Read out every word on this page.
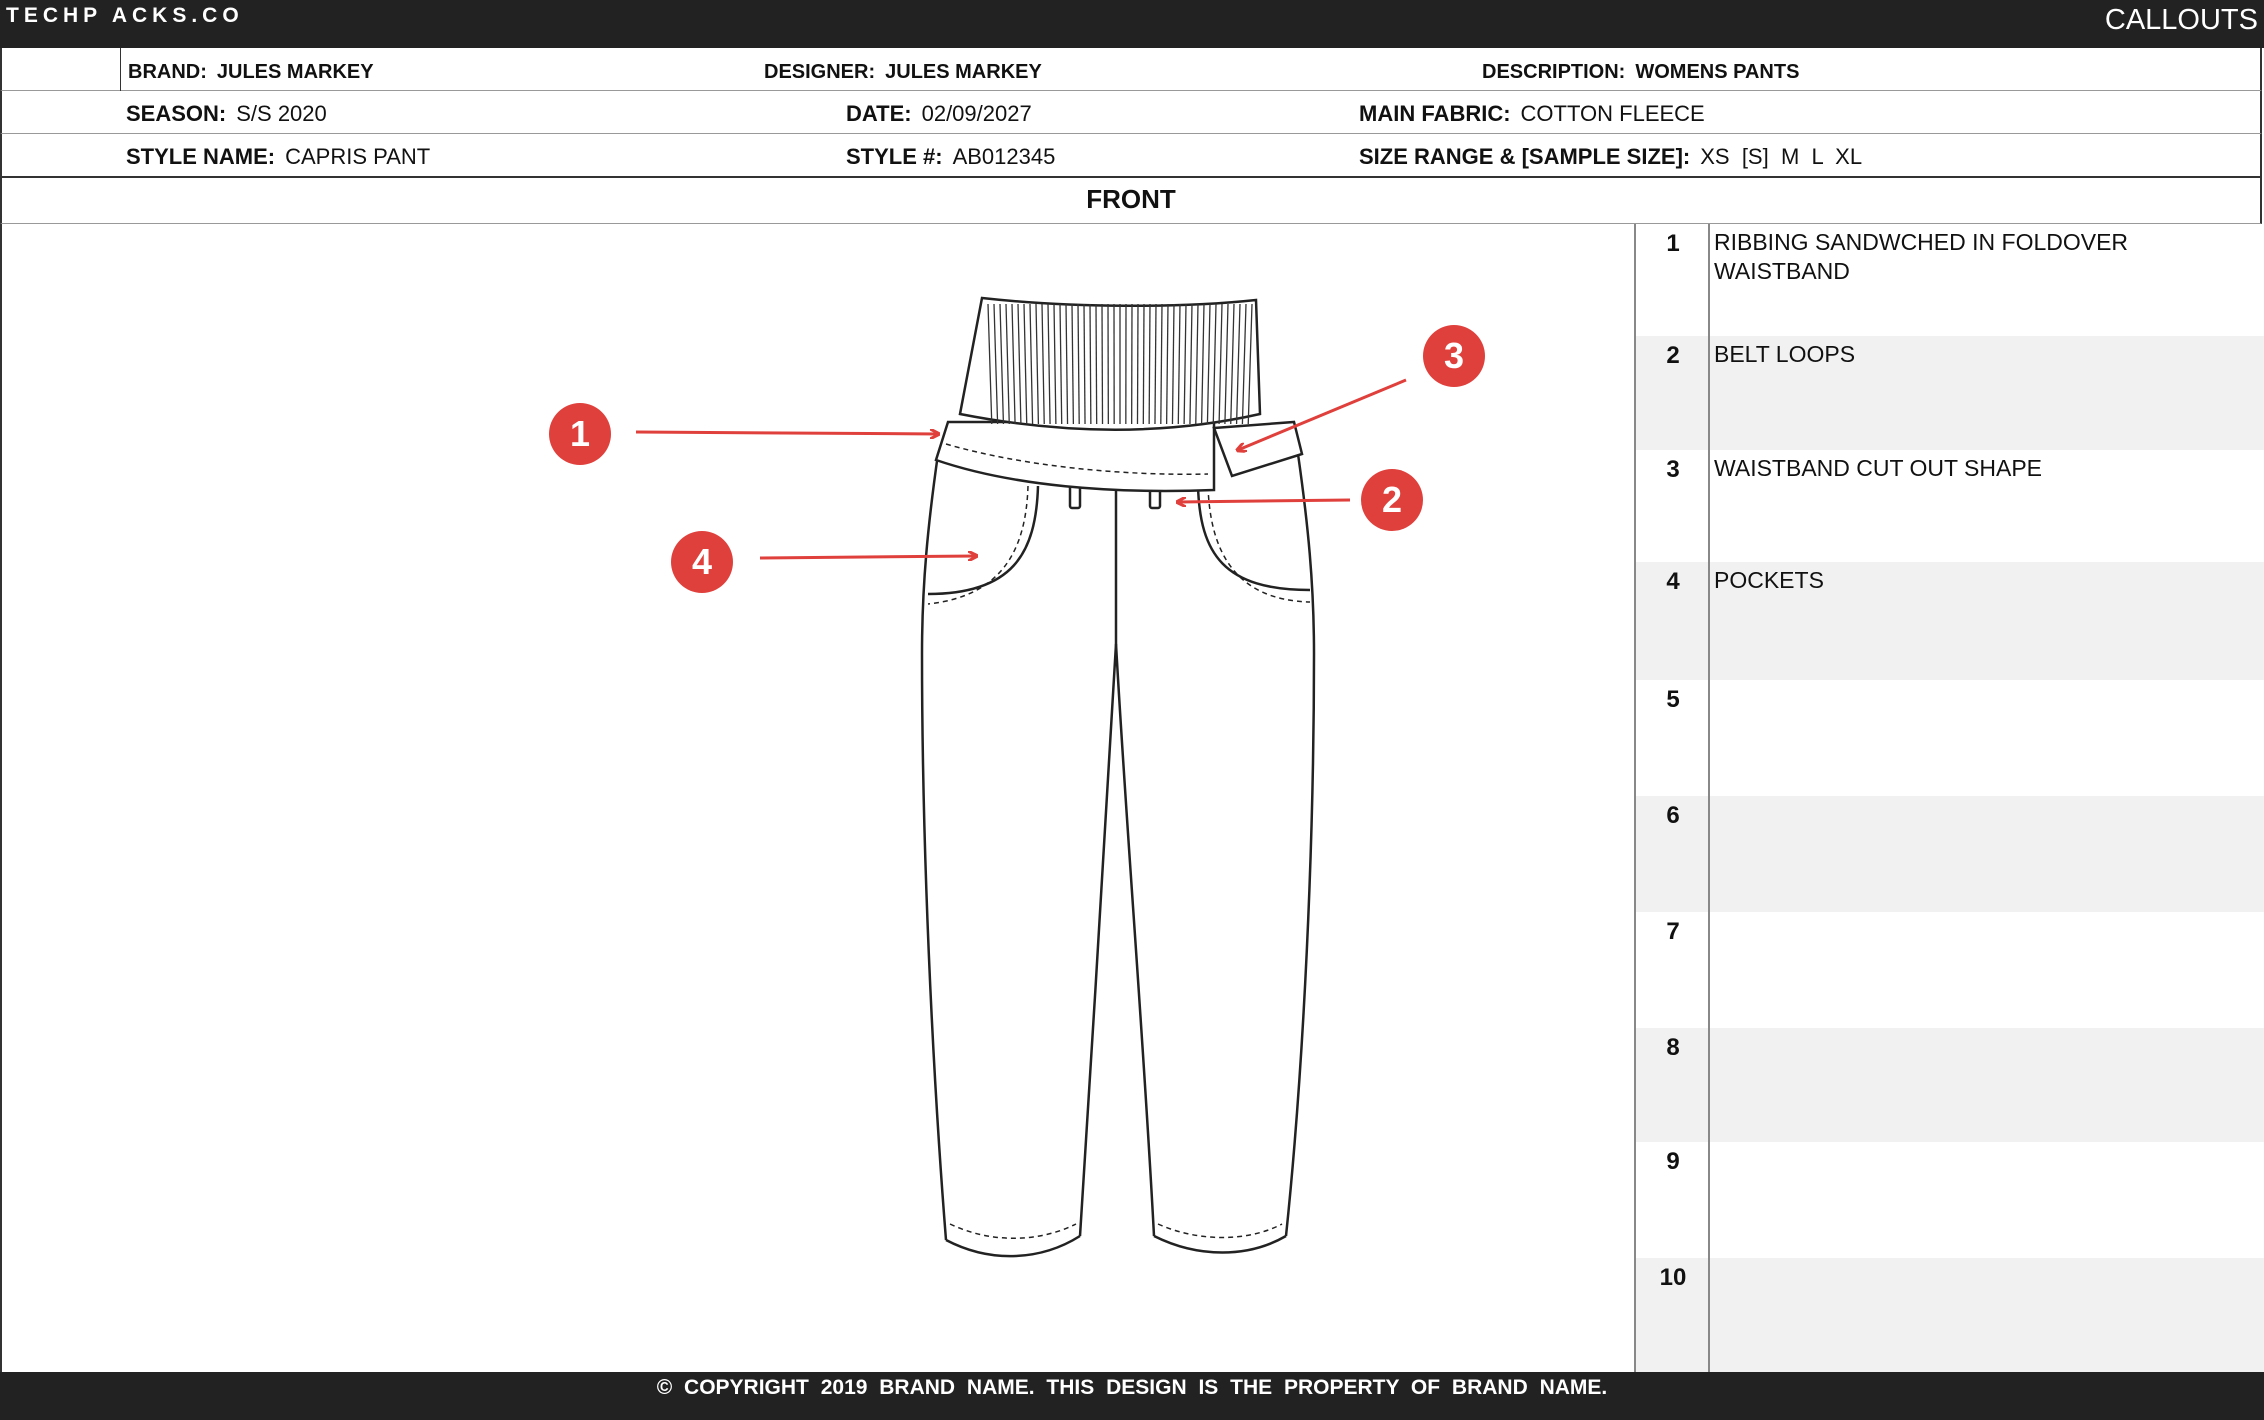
TECHP ACKS.CO	CALLOUTS
BRAND: JULES MARKEY	DESIGNER: JULES MARKEY	DESCRIPTION: WOMENS PANTS
SEASON: S/S 2020	DATE: 02/09/2027	MAIN FABRIC: COTTON FLEECE
STYLE NAME: CAPRIS PANT	STYLE #: AB012345	SIZE RANGE & [SAMPLE SIZE]: XS  [S]  M  L  XL
FRONT
1
2
3
4
1	RIBBING SANDWCHED IN FOLDOVER WAISTBAND
2	BELT LOOPS
3	WAISTBAND CUT OUT SHAPE
4	POCKETS
5
6
7
8
9
10
© COPYRIGHT 2019 BRAND NAME. THIS DESIGN IS THE PROPERTY OF BRAND NAME.
